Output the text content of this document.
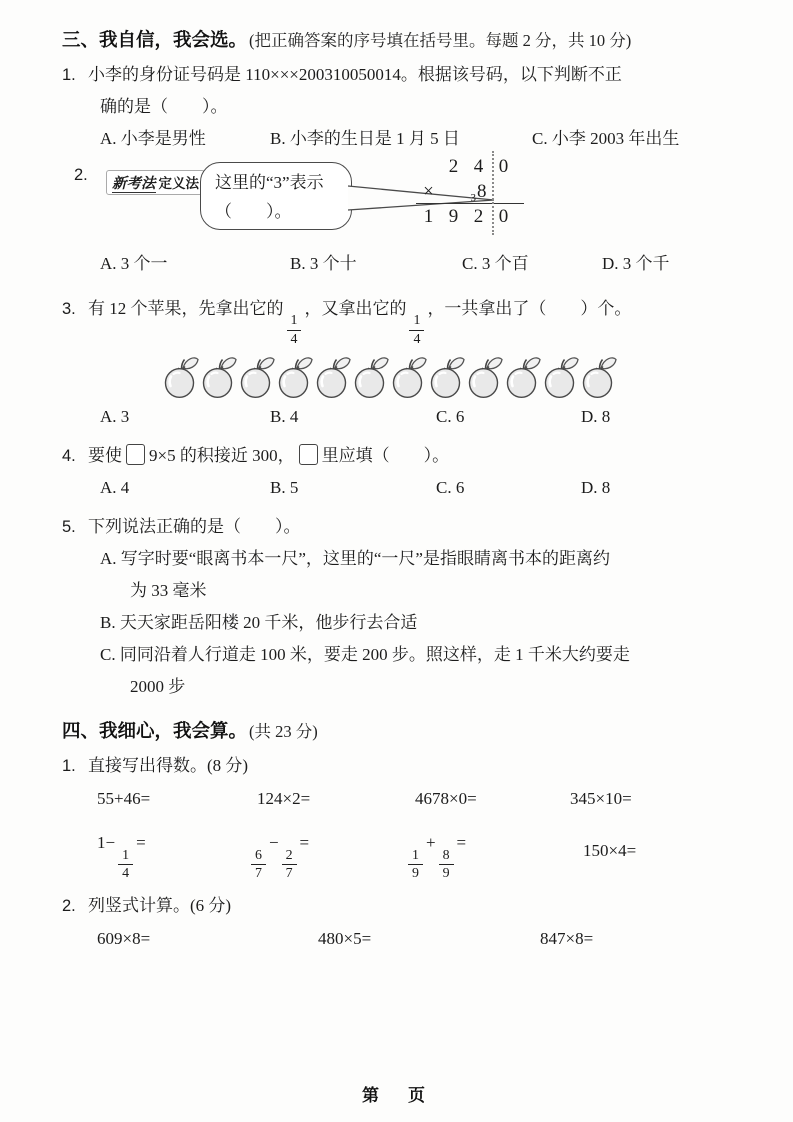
三、我自信，我会选。 (把正确答案的序号填在括号里。每题 2 分，共 10 分)
1. 小李的身份证号码是 110×××200310050014。根据该号码，以下判断不正
确的是（　　）。
A. 小李是男性	B. 小李的生日是 1 月 5 日	C. 小李 2003 年出生
2.	新考法 定义法 这里的“3”表示
（　　）。
2 4 0
×	$_3$8
1 9 2 0
A. 3 个一	B. 3 个十	C. 3 个百	D. 3 个千
3. 有 12 个苹果，先拿出它的
$\frac{1}{4}$
，又拿出它的
$\frac{1}{4}$
，一共拿出了（　　）个。
A. 3	B. 4	C. 6	D. 8
4. 要使 9×5 的积接近 300， 里应填（　　）。
A. 4	B. 5	C. 6	D. 8
5. 下列说法正确的是（　　）。
A. 写字时要“眼离书本一尺”，这里的“一尺”是指眼睛离书本的距离约
为 33 毫米
B. 天天家距岳阳楼 20 千米，他步行去合适
C. 同同沿着人行道走 100 米，要走 200 步。照这样，走 1 千米大约要走
2000 步
四、我细心，我会算。 (共 23 分)
1. 直接写出得数。(8 分)
55+46=	124×2=	4678×0=	345×10=
1−
$\frac{1}{4}$
=
$\frac{6}{7}$
−
$\frac{2}{7}$
=
$\frac{1}{9}$
+
$\frac{8}{9}$
=	150×4=
2. 列竖式计算。(6 分)
609×8=	480×5=	847×8=
第　页
